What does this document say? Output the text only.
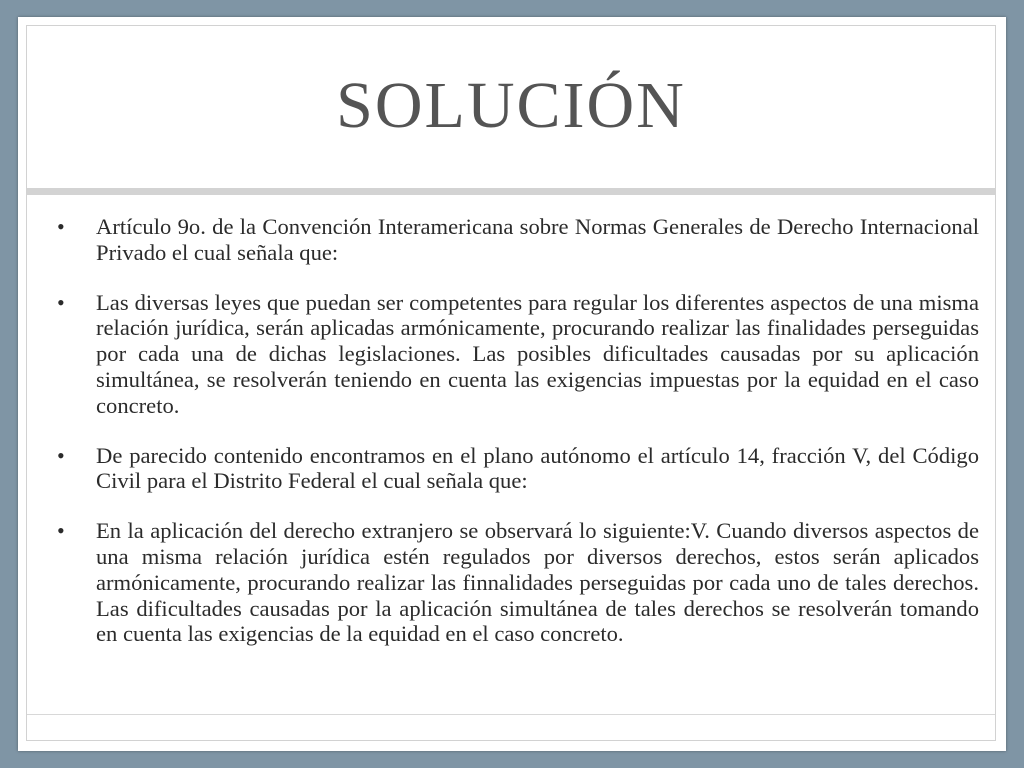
SOLUCIÓN
• Artículo 9o. de la Convención Interamericana sobre Normas Generales de Derecho Internacional Privado el cual señala que:
• Las diversas leyes que puedan ser competentes para regular los diferentes aspectos de una misma relación jurídica, serán aplicadas armónicamente, procurando realizar las finalidades perseguidas por cada una de dichas legislaciones. Las posibles dificultades causadas por su aplicación simultánea, se resolverán teniendo en cuenta las exigencias impuestas por la equidad en el caso concreto.
• De parecido contenido encontramos en el plano autónomo el artículo 14, fracción V, del Código Civil para el Distrito Federal el cual señala que:
• En la aplicación del derecho extranjero se observará lo siguiente:V. Cuando diversos aspectos de una misma relación jurídica estén regulados por diversos derechos, estos serán aplicados armónicamente, procurando realizar las finnalidades perseguidas por cada uno de tales derechos. Las dificultades causadas por la aplicación simultánea de tales derechos se resolverán tomando en cuenta las exigencias de la equidad en el caso concreto.
